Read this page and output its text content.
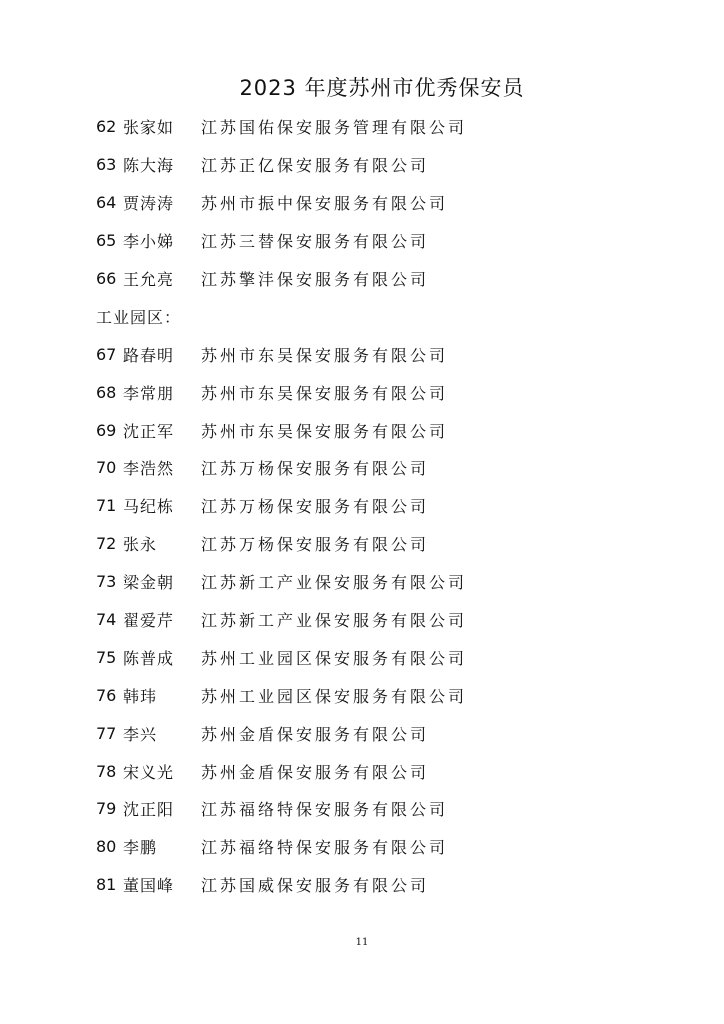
2023 年度苏州市优秀保安员
62 张家如	江苏国佑保安服务管理有限公司
63 陈大海	江苏正亿保安服务有限公司
64 贾涛涛	苏州市振中保安服务有限公司
65 李小娣	江苏三替保安服务有限公司
66 王允亮	江苏擎沣保安服务有限公司
工业园区：
67 路春明	苏州市东吴保安服务有限公司
68 李常朋	苏州市东吴保安服务有限公司
69 沈正军	苏州市东吴保安服务有限公司
70 李浩然	江苏万杨保安服务有限公司
71 马纪栋	江苏万杨保安服务有限公司
72 张永	江苏万杨保安服务有限公司
73 梁金朝	江苏新工产业保安服务有限公司
74 翟爱芹	江苏新工产业保安服务有限公司
75 陈普成	苏州工业园区保安服务有限公司
76 韩玮	苏州工业园区保安服务有限公司
77 李兴	苏州金盾保安服务有限公司
78 宋义光	苏州金盾保安服务有限公司
79 沈正阳	江苏福络特保安服务有限公司
80 李鹏	江苏福络特保安服务有限公司
81 董国峰	江苏国威保安服务有限公司
11
